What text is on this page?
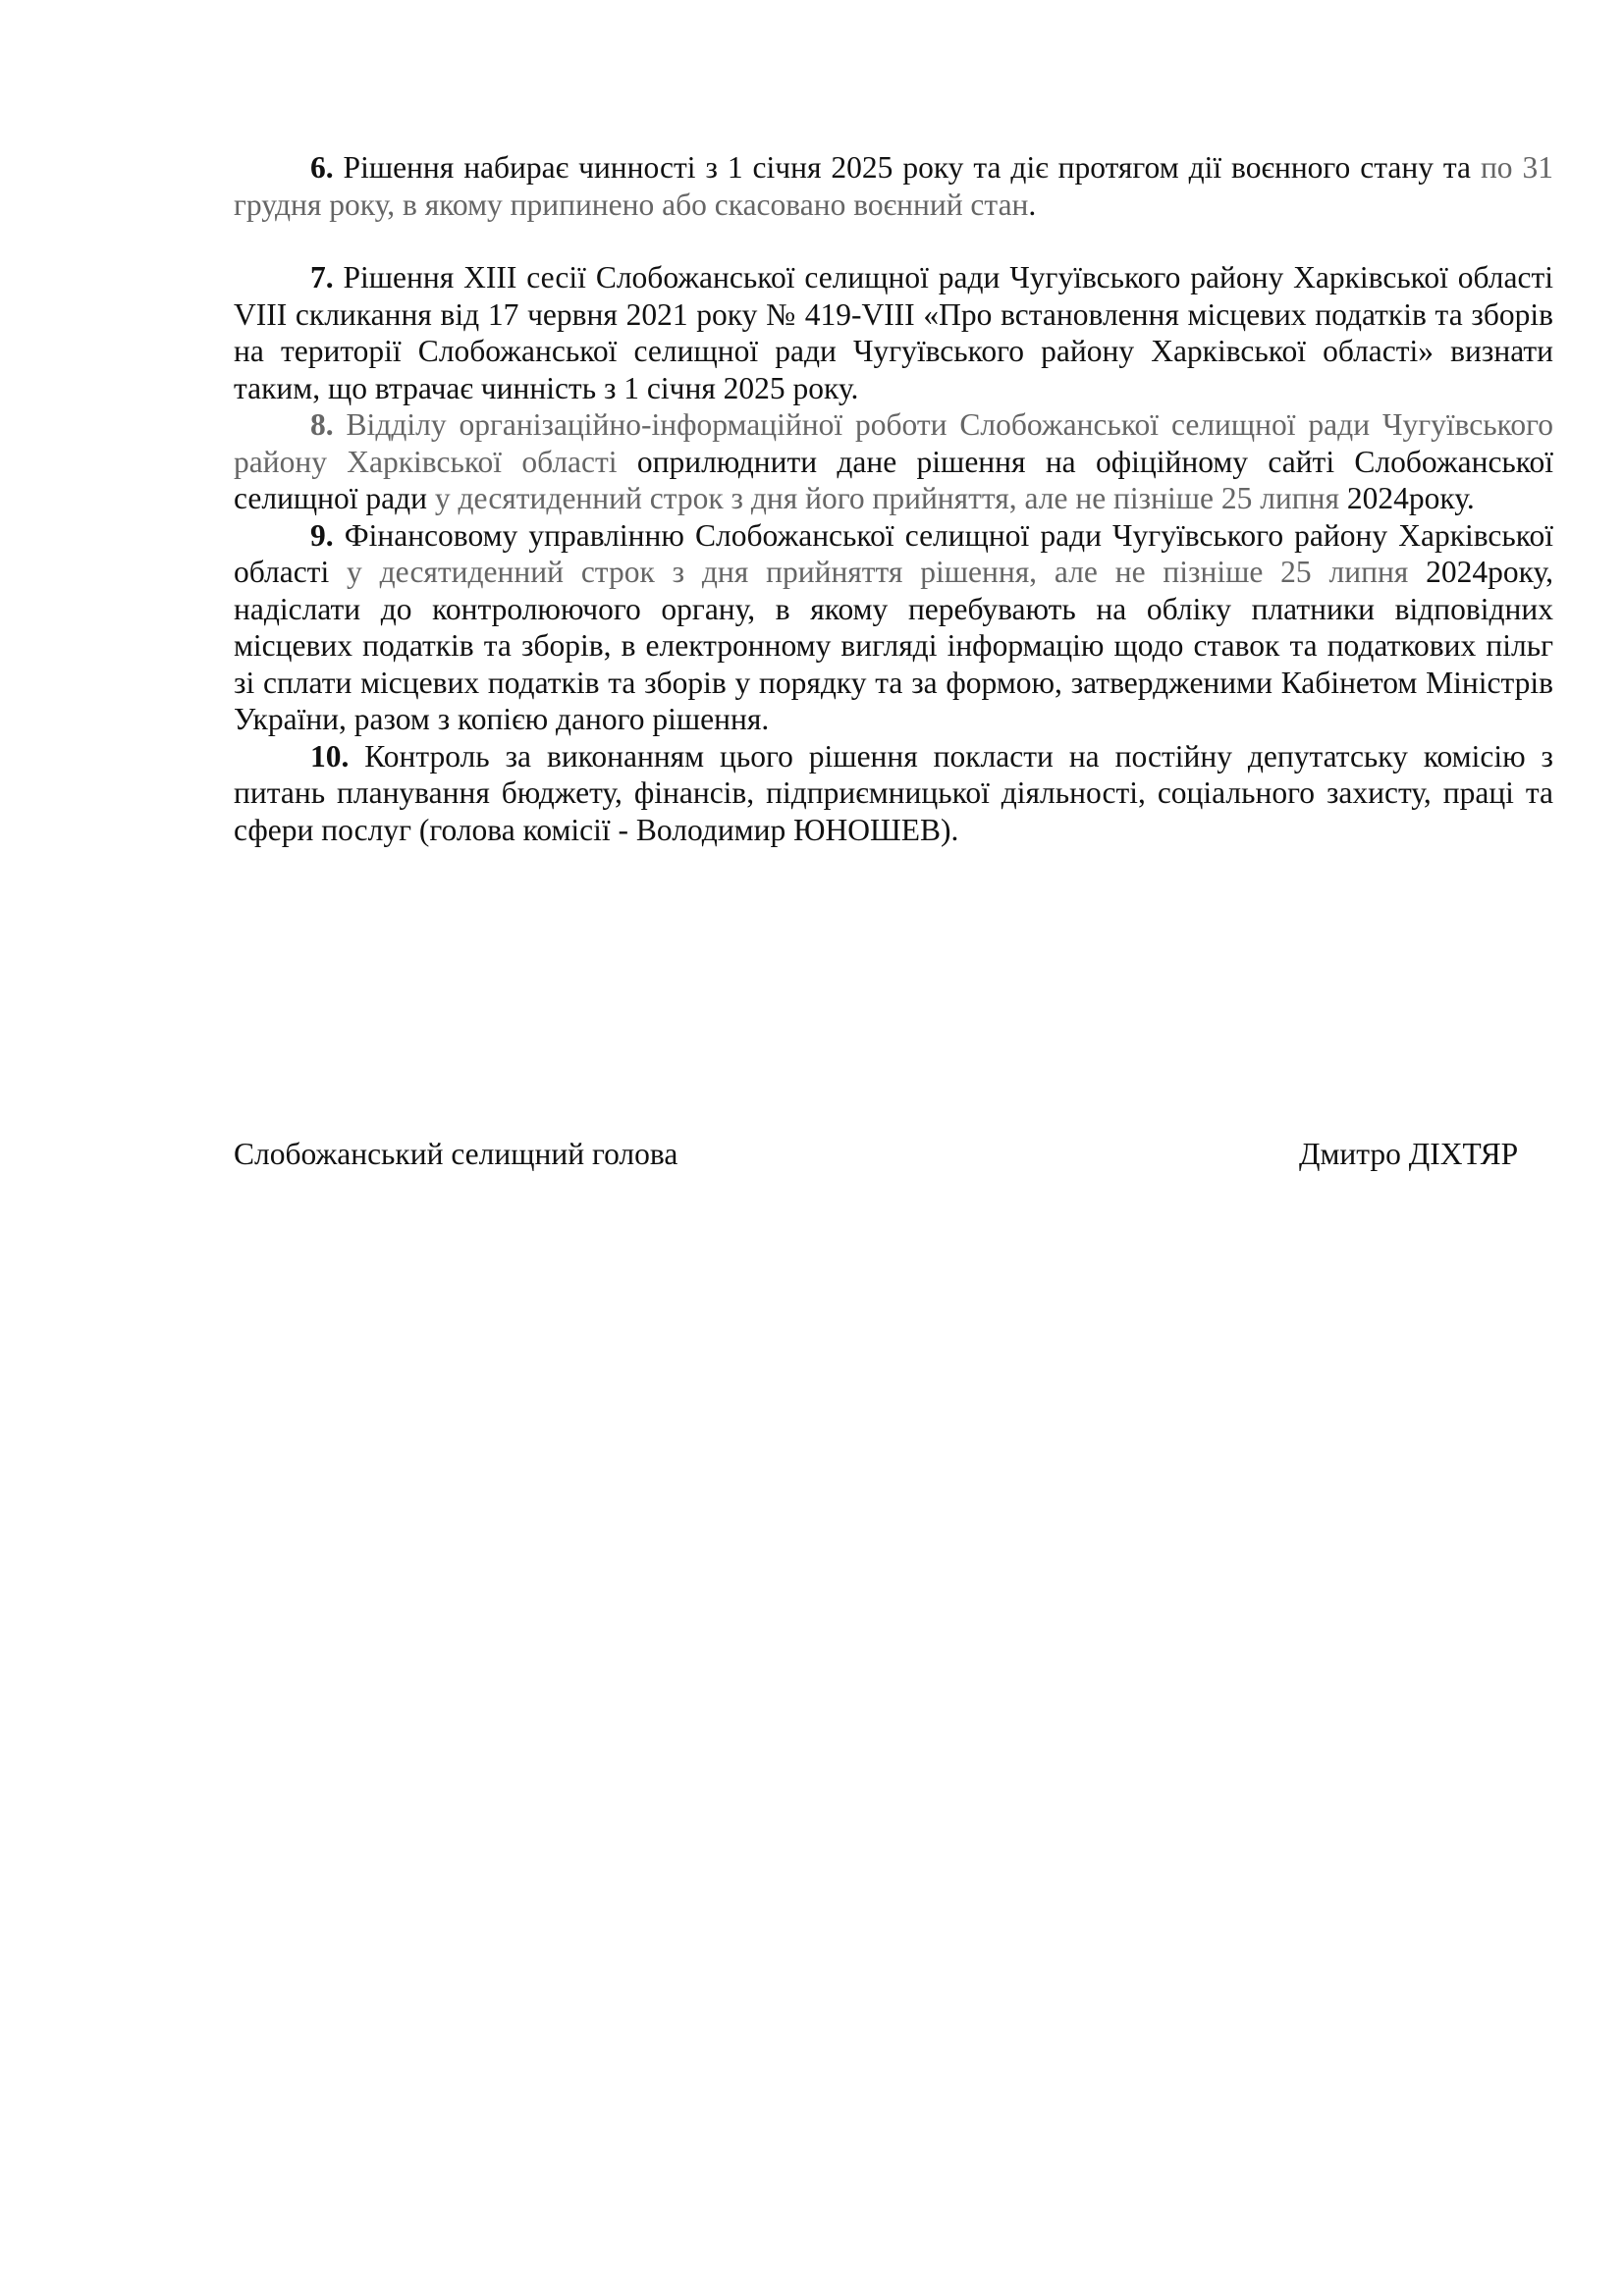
6. Рішення набирає чинності з 1 січня 2025 року та діє протягом дії воєнного стану та по 31 грудня року, в якому припинено або скасовано воєнний стан.

7. Рішення XIII сесії Слобожанської селищної ради Чугуївського району Харківської області VIII скликання від 17 червня 2021 року № 419-VIII «Про встановлення місцевих податків та зборів на території Слобожанської селищної ради Чугуївського району Харківської області» визнати таким, що втрачає чинність з 1 січня 2025 року.

8. Відділу організаційно-інформаційної роботи Слобожанської селищної ради Чугуївського району Харківської області оприлюднити дане рішення на офіційному сайті Слобожанської селищної ради у десятиденний строк з дня його прийняття, але не пізніше 25 липня 2024року.

9. Фінансовому управлінню Слобожанської селищної ради Чугуївського району Харківської області у десятиденний строк з дня прийняття рішення, але не пізніше 25 липня 2024року, надіслати до контролюючого органу, в якому перебувають на обліку платники відповідних місцевих податків та зборів, в електронному вигляді інформацію щодо ставок та податкових пільг зі сплати місцевих податків та зборів у порядку та за формою, затвердженими Кабінетом Міністрів України, разом з копією даного рішення.

10. Контроль за виконанням цього рішення покласти на постійну депутатську комісію з питань планування бюджету, фінансів, підприємницької діяльності, соціального захисту, праці та сфери послуг (голова комісії - Володимир ЮНОШЕВ).

Слобожанський селищний голова	Дмитро ДІХТЯР
